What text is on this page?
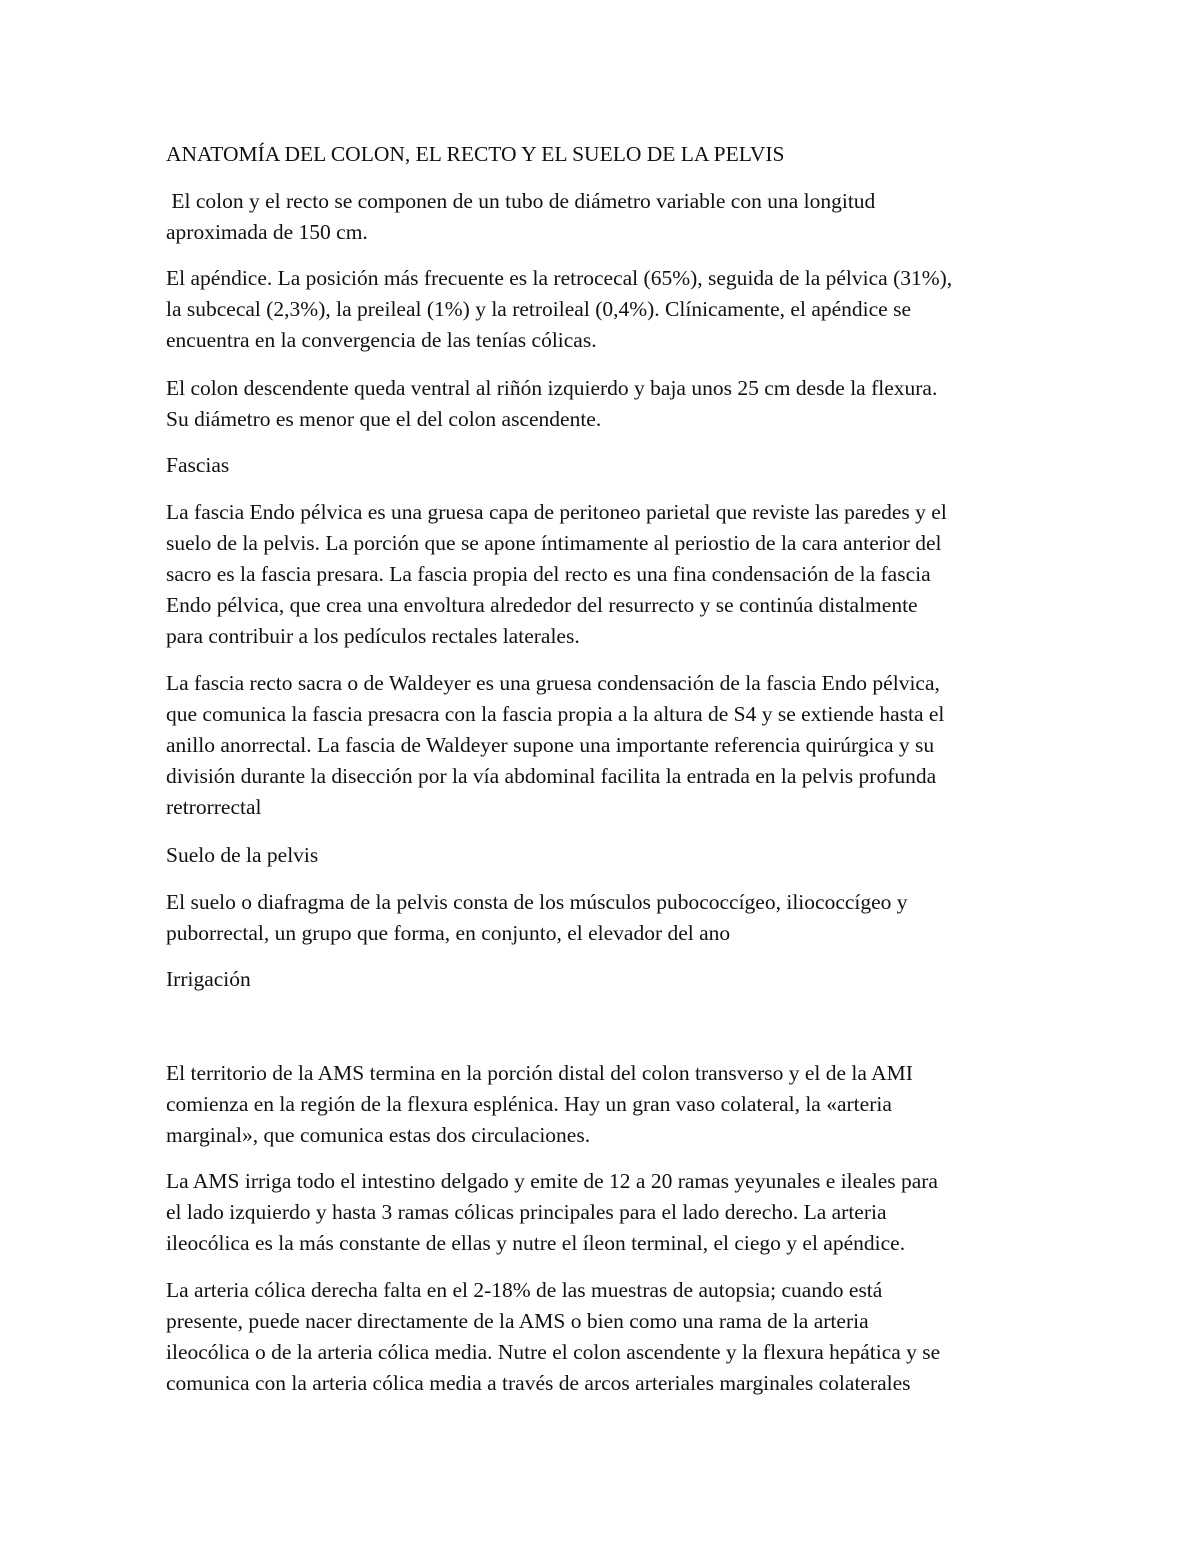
ANATOMÍA DEL COLON, EL RECTO Y EL SUELO DE LA PELVIS
El colon y el recto se componen de un tubo de diámetro variable con una longitud
aproximada de 150 cm.
El apéndice. La posición más frecuente es la retrocecal (65%), seguida de la pélvica (31%),
la subcecal (2,3%), la preileal (1%) y la retroileal (0,4%). Clínicamente, el apéndice se
encuentra en la convergencia de las tenías cólicas.
El colon descendente queda ventral al riñón izquierdo y baja unos 25 cm desde la flexura.
Su diámetro es menor que el del colon ascendente.
Fascias
La fascia Endo pélvica es una gruesa capa de peritoneo parietal que reviste las paredes y el
suelo de la pelvis. La porción que se apone íntimamente al periostio de la cara anterior del
sacro es la fascia presara. La fascia propia del recto es una fina condensación de la fascia
Endo pélvica, que crea una envoltura alrededor del resurrecto y se continúa distalmente
para contribuir a los pedículos rectales laterales.
La fascia recto sacra o de Waldeyer es una gruesa condensación de la fascia Endo pélvica,
que comunica la fascia presacra con la fascia propia a la altura de S4 y se extiende hasta el
anillo anorrectal. La fascia de Waldeyer supone una importante referencia quirúrgica y su
división durante la disección por la vía abdominal facilita la entrada en la pelvis profunda
retrorrectal
Suelo de la pelvis
El suelo o diafragma de la pelvis consta de los músculos pubococcígeo, iliococcígeo y
puborrectal, un grupo que forma, en conjunto, el elevador del ano
Irrigación
El territorio de la AMS termina en la porción distal del colon transverso y el de la AMI
comienza en la región de la flexura esplénica. Hay un gran vaso colateral, la «arteria
marginal», que comunica estas dos circulaciones.
La AMS irriga todo el intestino delgado y emite de 12 a 20 ramas yeyunales e ileales para
el lado izquierdo y hasta 3 ramas cólicas principales para el lado derecho. La arteria
ileocólica es la más constante de ellas y nutre el íleon terminal, el ciego y el apéndice.
La arteria cólica derecha falta en el 2-18% de las muestras de autopsia; cuando está
presente, puede nacer directamente de la AMS o bien como una rama de la arteria
ileocólica o de la arteria cólica media. Nutre el colon ascendente y la flexura hepática y se
comunica con la arteria cólica media a través de arcos arteriales marginales colaterales
